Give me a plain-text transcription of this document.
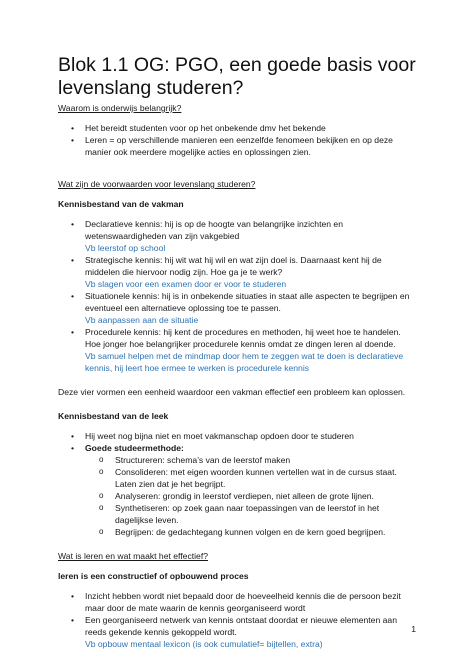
Blok 1.1 OG: PGO, een goede basis voor levenslang studeren?

Waarom is onderwijs belangrijk?

• Het bereidt studenten voor op het onbekende dmv het bekende
• Leren = op verschillende manieren een eenzelfde fenomeen bekijken en op deze manier ook meerdere mogelijke acties en oplossingen zien.

Wat zijn de voorwaarden voor levenslang studeren?

Kennisbestand van de vakman

• Declaratieve kennis: hij is op de hoogte van belangrijke inzichten en wetenswaardigheden van zijn vakgebied
Vb leerstof op school
• Strategische kennis: hij wit wat hij wil en wat zijn doel is. Daarnaast kent hij de middelen die hiervoor nodig zijn. Hoe ga je te werk?
Vb slagen voor een examen door er voor te studeren
• Situationele kennis: hij is in onbekende situaties in staat alle aspecten te begrijpen en eventueel een alternatieve oplossing toe te passen.
Vb aanpassen aan de situatie
• Procedurele kennis: hij kent de procedures en methoden, hij weet hoe te handelen. Hoe jonger hoe belangrijker procedurele kennis omdat ze dingen leren al doende.
Vb samuel helpen met de mindmap door hem te zeggen wat te doen is declaratieve kennis, hij leert hoe ermee te werken is procedurele kennis

Deze vier vormen een eenheid waardoor een vakman effectief een probleem kan oplossen.

Kennisbestand van de leek

• Hij weet nog bijna niet en moet vakmanschap opdoen door te studeren
• Goede studeermethode:
o Structureren: schema’s van de leerstof maken
o Consolideren: met eigen woorden kunnen vertellen wat in de cursus staat. Laten zien dat je het begrijpt.
o Analyseren: grondig in leerstof verdiepen, niet alleen de grote lijnen.
o Synthetiseren: op zoek gaan naar toepassingen van de leerstof in het dagelijkse leven.
o Begrijpen: de gedachtegang kunnen volgen en de kern goed begrijpen.

Wat is leren en wat maakt het effectief?

leren is een constructief of opbouwend proces

• Inzicht hebben wordt niet bepaald door de hoeveelheid kennis die de persoon bezit maar door de mate waarin de kennis georganiseerd wordt
• Een georganiseerd netwerk van kennis ontstaat doordat er nieuwe elementen aan reeds gekende kennis gekoppeld wordt.
Vb opbouw mentaal lexicon (is ook cumulatief= bijtellen, extra)
1
